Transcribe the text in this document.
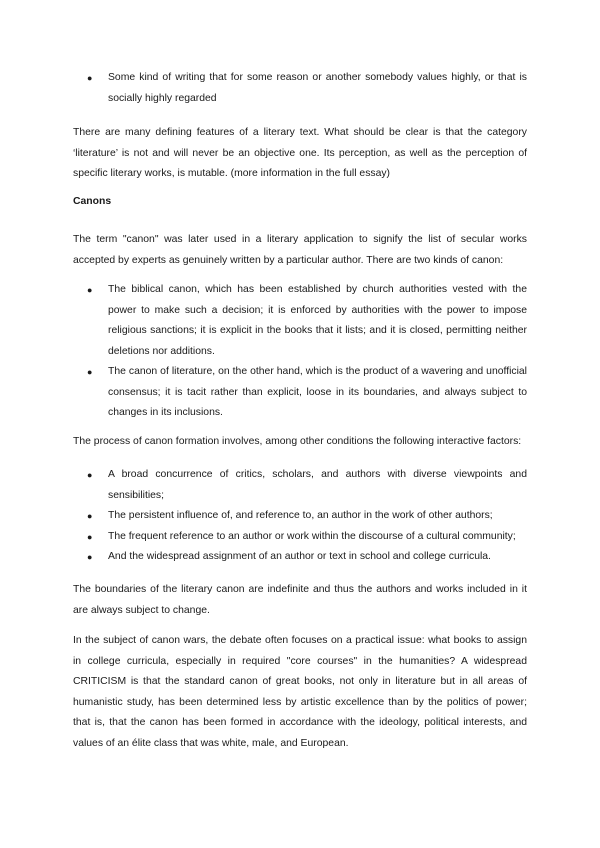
● Some kind of writing that for some reason or another somebody values highly, or that is socially highly regarded

There are many defining features of a literary text. What should be clear is that the category ‘literature’ is not and will never be an objective one. Its perception, as well as the perception of specific literary works, is mutable. (more information in the full essay)

Canons

The term "canon" was later used in a literary application to signify the list of secular works accepted by experts as genuinely written by a particular author. There are two kinds of canon:

● The biblical canon, which has been established by church authorities vested with the power to make such a decision; it is enforced by authorities with the power to impose religious sanctions; it is explicit in the books that it lists; and it is closed, permitting neither deletions nor additions.
● The canon of literature, on the other hand, which is the product of a wavering and unofficial consensus; it is tacit rather than explicit, loose in its boundaries, and always subject to changes in its inclusions.

The process of canon formation involves, among other conditions the following interactive factors:

● A broad concurrence of critics, scholars, and authors with diverse viewpoints and sensibilities;
● The persistent influence of, and reference to, an author in the work of other authors;
● The frequent reference to an author or work within the discourse of a cultural community;
● And the widespread assignment of an author or text in school and college curricula.

The boundaries of the literary canon are indefinite and thus the authors and works included in it are always subject to change.

In the subject of canon wars, the debate often focuses on a practical issue: what books to assign in college curricula, especially in required "core courses" in the humanities? A widespread CRITICISM is that the standard canon of great books, not only in literature but in all areas of humanistic study, has been determined less by artistic excellence than by the politics of power; that is, that the canon has been formed in accordance with the ideology, political interests, and values of an élite class that was white, male, and European.
